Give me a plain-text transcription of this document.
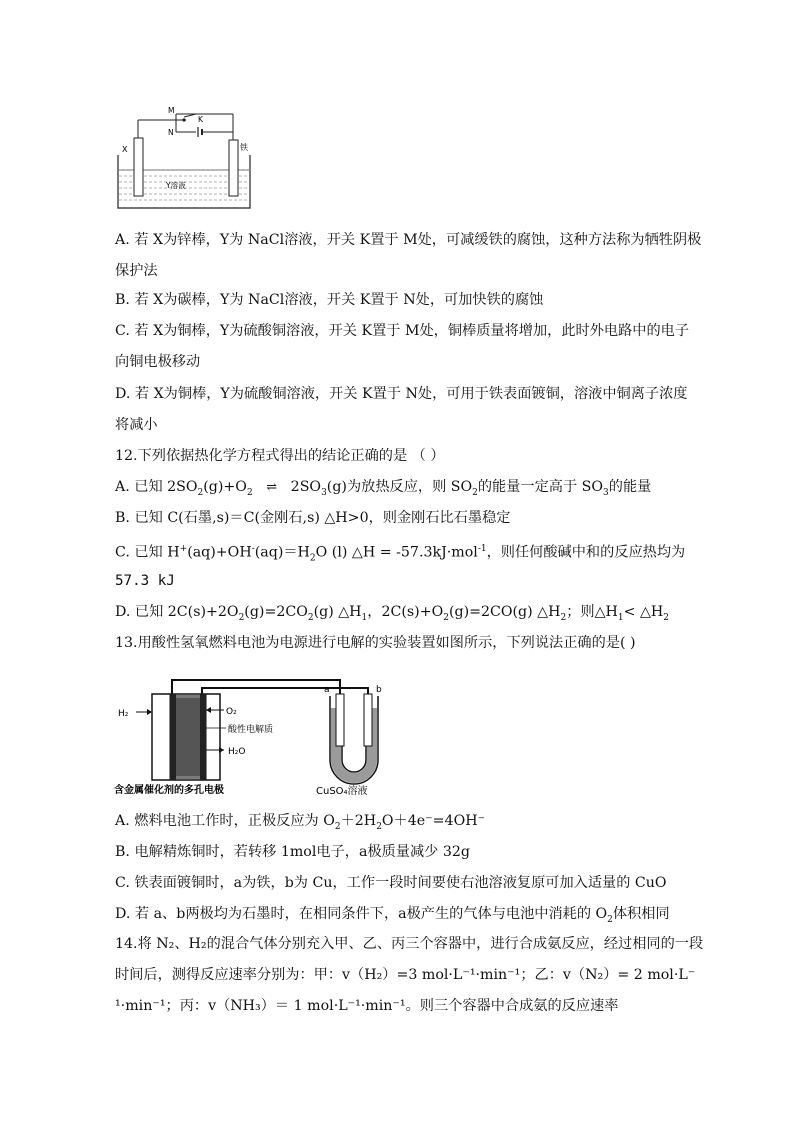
M
K
N
X	铁
Y溶液
A. 若 X为锌棒，Y为 NaCl溶液，开关 K置于 M处，可减缓铁的腐蚀，这种方法称为牺牲阴极
保护法
B. 若 X为碳棒，Y为 NaCl溶液，开关 K置于 N处，可加快铁的腐蚀
C. 若 X为铜棒，Y为硫酸铜溶液，开关 K置于 M处，铜棒质量将增加，此时外电路中的电子
向铜电极移动
D. 若 X为铜棒，Y为硫酸铜溶液，开关 K置于 N处，可用于铁表面镀铜，溶液中铜离子浓度
将减小
12.下列依据热化学方程式得出的结论正确的是 （ ）
A. 已知 $2SO_2(g)+O_2$ ⇌ $2SO_3(g)$为放热反应，则 $SO_2$的能量一定高于 $SO_3$的能量
B. 已知 C(石墨,s)＝C(金刚石,s) △H>0，则金刚石比石墨稳定
C. 已知 $H^+(aq)+OH^-(aq)=H_2O$ (l) △H = -57.3kJ·mol$^{-1}$，则任何酸碱中和的反应热均为
57.3 kJ
D. 已知 $2C(s)+2O_2(g)=2CO_2(g)$ $\triangle H_1$，$2C(s)+O_2(g)=2CO(g)$ $\triangle H_2$；则$\triangle H_1<$ $\triangle H_2$
13.用酸性氢氧燃料电池为电源进行电解的实验装置如图所示，下列说法正确的是( )
H₂	O₂
酸性电解质
H₂O
含金属催化剂的多孔电极
a	b
CuSO₄溶液
A. 燃料电池工作时，正极反应为 $O_2+2H_2O+4e^-=4OH^-$
B. 电解精炼铜时，若转移 1mol电子，a极质量减少 32g
C. 铁表面镀铜时，a为铁，b为 Cu，工作一段时间要使右池溶液复原可加入适量的 CuO
D. 若 a、b两极均为石墨时，在相同条件下，a极产生的气体与电池中消耗的 $O_2$体积相同
14.将 N₂、H₂的混合气体分别充入甲、乙、丙三个容器中，进行合成氨反应，经过相同的一段
时间后，测得反应速率分别为：甲：v（H₂）=3 mol·L⁻¹·min⁻¹；乙：v（N₂）= 2 mol·L⁻
¹·min⁻¹；丙：v（NH₃）＝ 1 mol·L⁻¹·min⁻¹。则三个容器中合成氨的反应速率
